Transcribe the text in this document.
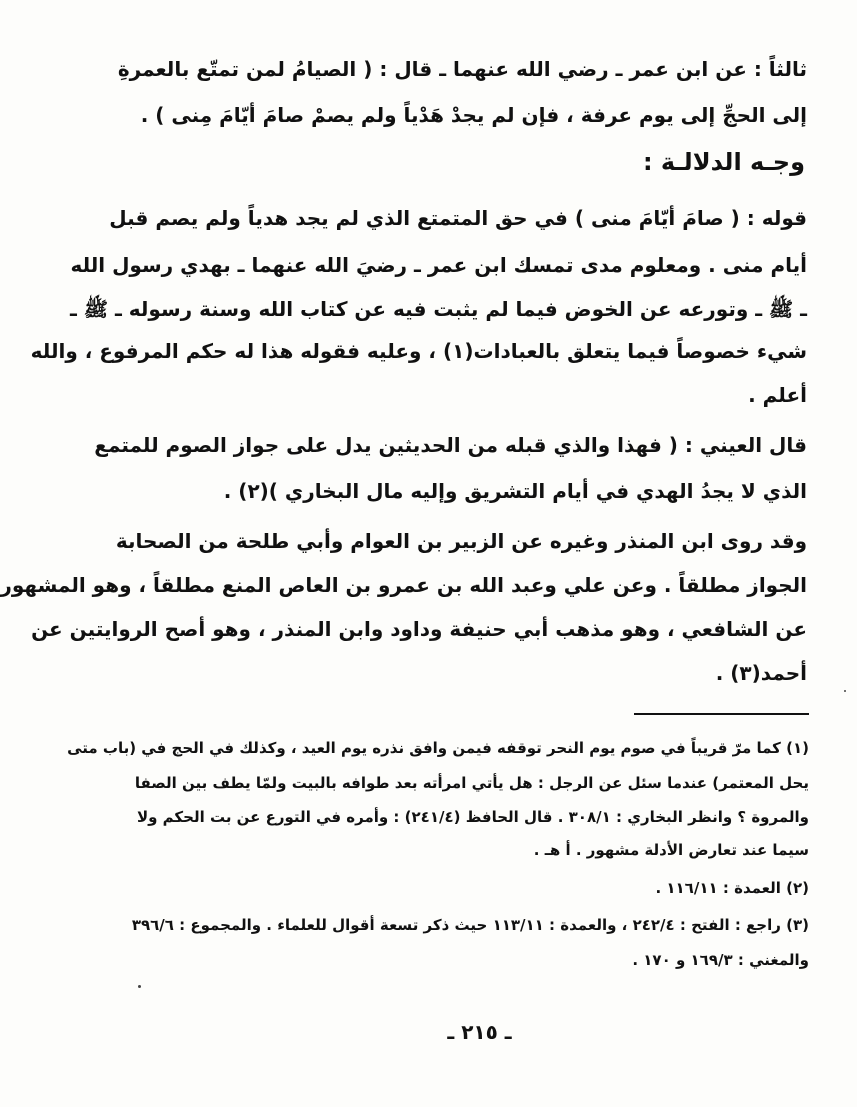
ثالثاً : عن ابن عمر ـ رضي الله عنهما ـ قال : ( الصيامُ لمن تمتّع بالعمرةِ
إلى الحجِّ إلى يوم عرفة ، فإن لم يجدْ هَدْياً ولم يصمْ صامَ أيّامَ مِنى ) .
وجـه الدلالـة :
قوله : ( صامَ أيّامَ منى ) في حق المتمتع الذي لم يجد هدياً ولم يصم قبل
أيام منى . ومعلوم مدى تمسك ابن عمر ـ رضيَ الله عنهما ـ بهدي رسول الله
ـ ﷺ ـ وتورعه عن الخوض فيما لم يثبت فيه عن كتاب الله وسنة رسوله ـ ﷺ ـ
شيء خصوصاً فيما يتعلق بالعبادات(١) ، وعليه فقوله هذا له حكم المرفوع ، والله
أعلم .
قال العيني : ( فهذا والذي قبله من الحديثين يدل على جواز الصوم للمتمع
الذي لا يجدُ الهدي في أيام التشريق وإليه مال البخاري )(٢) .
وقد روى ابن المنذر وغيره عن الزبير بن العوام وأبي طلحة من الصحابة
الجواز مطلقاً . وعن علي وعبد الله بن عمرو بن العاص المنع مطلقاً ، وهو المشهور
عن الشافعي ، وهو مذهب أبي حنيفة وداود وابن المنذر ، وهو أصح الروايتين عن
أحمد(٣) .
(١) كما مرّ قريباً في صوم يوم النحر توقفه فيمن وافق نذره يوم العيد ، وكذلك في الحج في (باب متى
يحل المعتمر) عندما سئل عن الرجل : هل يأتي امرأته بعد طوافه بالبيت ولمّا يطف بين الصفا
والمروة ؟ وانظر البخاري : ٣٠٨/١ . قال الحافظ (٢٤١/٤) : وأمره في التورع عن بت الحكم ولا
سيما عند تعارض الأدلة مشهور . أ هـ .
(٢) العمدة : ١١٦/١١ .
(٣) راجع : الفتح : ٢٤٢/٤ ، والعمدة : ١١٣/١١ حيث ذكر تسعة أقوال للعلماء . والمجموع : ٣٩٦/٦
والمغني : ١٦٩/٣ و ١٧٠ .
ـ ٢١٥ ـ
